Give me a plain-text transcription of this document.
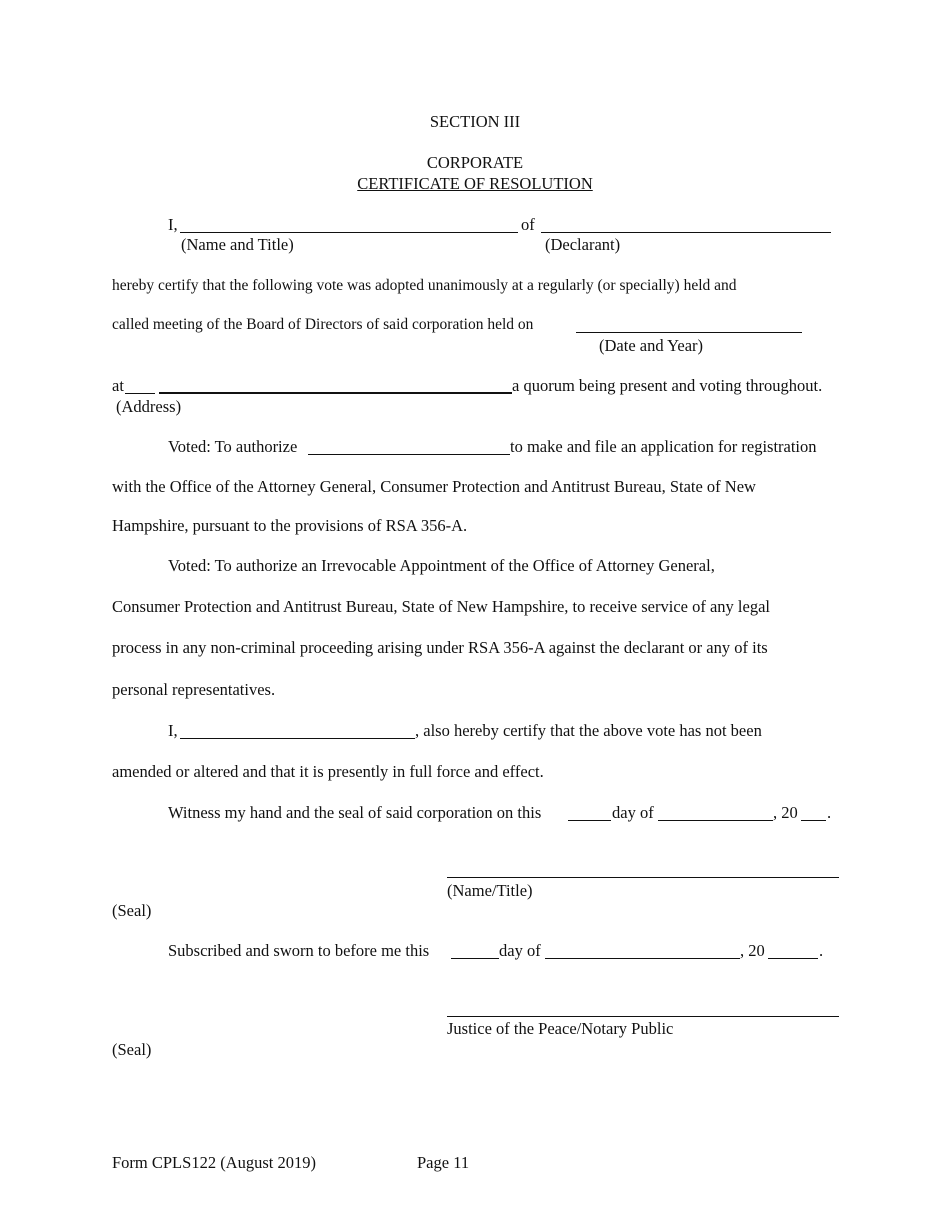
SECTION III
CORPORATE
CERTIFICATE OF RESOLUTION
I,	of
(Name and Title)	(Declarant)
hereby certify that the following vote was adopted unanimously at a regularly (or specially) held and
called meeting of the Board of Directors of said corporation held on
(Date and Year)
at	a quorum being present and voting throughout.
(Address)
Voted: To authorize	to make and file an application for registration
with the Office of the Attorney General, Consumer Protection and Antitrust Bureau, State of New
Hampshire, pursuant to the provisions of RSA 356-A.
Voted: To authorize an Irrevocable Appointment of the Office of Attorney General,
Consumer Protection and Antitrust Bureau, State of New Hampshire, to receive service of any legal
process in any non-criminal proceeding arising under RSA 356-A against the declarant or any of its
personal representatives.
I,	, also hereby certify that the above vote has not been
amended or altered and that it is presently in full force and effect.
Witness my hand and the seal of said corporation on this	day of	, 20 .
(Name/Title)
(Seal)
Subscribed and sworn to before me this	day of	, 20	.
Justice of the Peace/Notary Public
(Seal)
Form CPLS122 (August 2019)	Page 11
